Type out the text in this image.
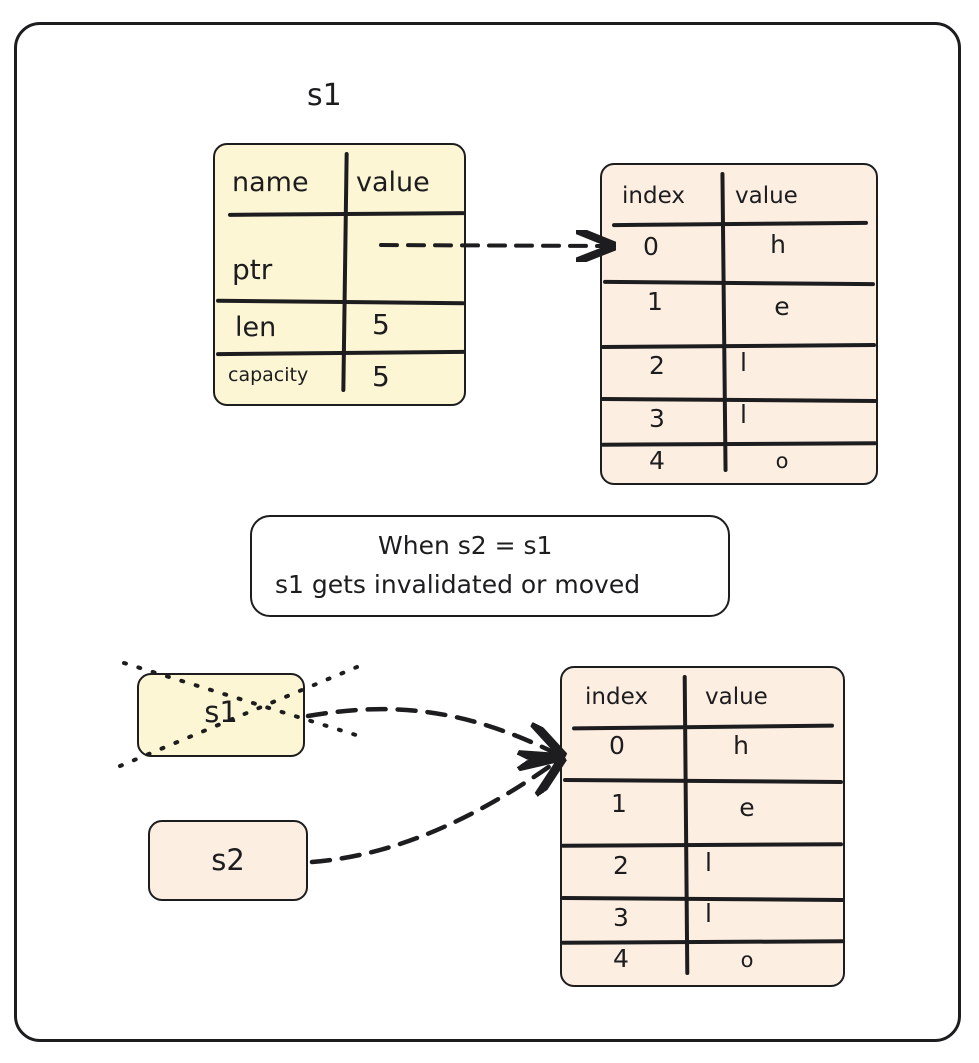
s1
name	value
ptr
len	5
capacity	5
index	value
0	h
1	e
2	l
3	l
4	o
When s2 = s1
s1 gets invalidated or moved
s1
s2
index	value
0	h
1	e
2	l
3	l
4	o
